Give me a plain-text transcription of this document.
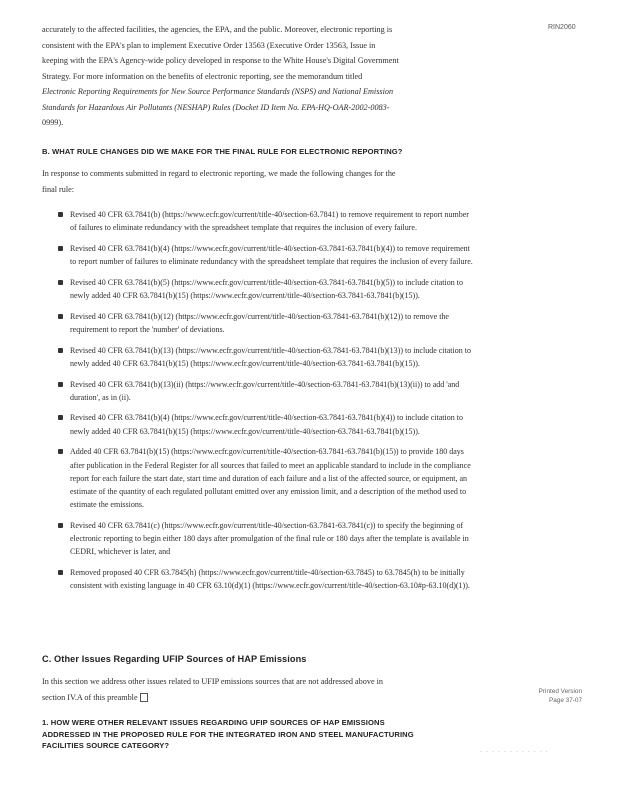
RIN2060
accurately to the affected facilities, the agencies, the EPA, and the public. Moreover, electronic reporting is
consistent with the EPA's plan to implement Executive Order 13563 (Executive Order 13563, Issue in
keeping with the EPA's Agency-wide policy developed in response to the White House's Digital Government
Strategy. For more information on the benefits of electronic reporting, see the memorandum titled
Electronic Reporting Requirements for New Source Performance Standards (NSPS) and National Emission
Standards for Hazardous Air Pollutants (NESHAP) Rules (Docket ID Item No. EPA-HQ-OAR-2002-0083-
0999).
B. WHAT RULE CHANGES DID WE MAKE FOR THE FINAL RULE FOR ELECTRONIC REPORTING?
In response to comments submitted in regard to electronic reporting, we made the following changes for the
final rule:
Revised 40 CFR 63.7841(b) (https://www.ecfr.gov/current/title-40/section-63.7841) to remove requirement to report number of failures to eliminate redundancy with the spreadsheet template that requires the inclusion of every failure.
Revised 40 CFR 63.7841(b)(4) (https://www.ecfr.gov/current/title-40/section-63.7841-63.7841(b)(4)) to remove requirement to report number of failures to eliminate redundancy with the spreadsheet template that requires the inclusion of every failure.
Revised 40 CFR 63.7841(b)(5) (https://www.ecfr.gov/current/title-40/section-63.7841-63.7841(b)(5)) to include citation to newly added 40 CFR 63.7841(b)(15) (https://www.ecfr.gov/current/title-40/section-63.7841-63.7841(b)(15)).
Revised 40 CFR 63.7841(b)(12) (https://www.ecfr.gov/current/title-40/section-63.7841-63.7841(b)(12)) to remove the requirement to report the 'number' of deviations.
Revised 40 CFR 63.7841(b)(13) (https://www.ecfr.gov/current/title-40/section-63.7841-63.7841(b)(13)) to include citation to newly added 40 CFR 63.7841(b)(15) (https://www.ecfr.gov/current/title-40/section-63.7841-63.7841(b)(15)).
Revised 40 CFR 63.7841(b)(13)(ii) (https://www.ecfr.gov/current/title-40/section-63.7841-63.7841(b)(13)(ii)) to add 'and duration', as in (ii).
Revised 40 CFR 63.7841(b)(4) (https://www.ecfr.gov/current/title-40/section-63.7841-63.7841(b)(4)) to include citation to newly added 40 CFR 63.7841(b)(15) (https://www.ecfr.gov/current/title-40/section-63.7841-63.7841(b)(15)).
Added 40 CFR 63.7841(b)(15) (https://www.ecfr.gov/current/title-40/section-63.7841-63.7841(b)(15)) to provide 180 days after publication in the Federal Register for all sources that failed to meet an applicable standard to include in the compliance report for each failure the start date, start time and duration of each failure and a list of the affected source, or equipment, an estimate of the quantity of each regulated pollutant emitted over any emission limit, and a description of the method used to estimate the emissions.
Revised 40 CFR 63.7841(c) (https://www.ecfr.gov/current/title-40/section-63.7841-63.7841(c)) to specify the beginning of electronic reporting to begin either 180 days after promulgation of the final rule or 180 days after the template is available in CEDRI, whichever is later, and
Removed proposed 40 CFR 63.7845(h) (https://www.ecfr.gov/current/title-40/section-63.7845) to 63.7845(h) to be initially consistent with existing language in 40 CFR 63.10(d)(1) (https://www.ecfr.gov/current/title-40/section-63.10#p-63.10(d)(1)).
C. Other Issues Regarding UFIP Sources of HAP Emissions
In this section we address other issues related to UFIP emissions sources that are not addressed above in
section IV.A of this preamble
Printed Version
Page 37-07
1. HOW WERE OTHER RELEVANT ISSUES REGARDING UFIP SOURCES OF HAP EMISSIONS
ADDRESSED IN THE PROPOSED RULE FOR THE INTEGRATED IRON AND STEEL MANUFACTURING
FACILITIES SOURCE CATEGORY?
· · · · · · · · · · · ·
